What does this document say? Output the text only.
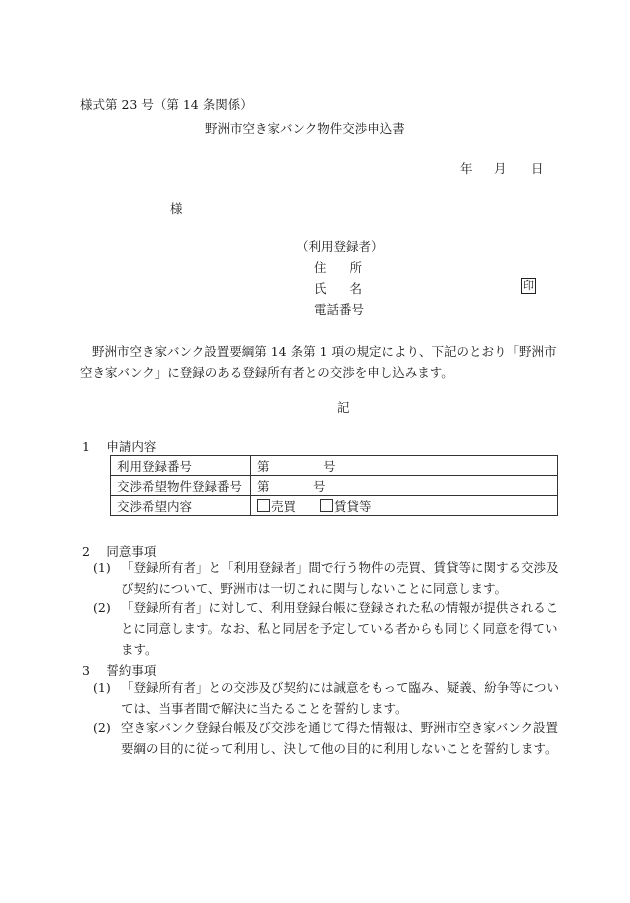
様式第 23 号（第 14 条関係）
野洲市空き家バンク物件交渉申込書
年 月 日
様
（利用登録者）
住所
氏名	印
電話番号
野洲市空き家バンク設置要綱第 14 条第 1 項の規定により、下記のとおり「野洲市空き家バンク」に登録のある登録所有者との交渉を申し込みます。
記
1　 申請内容
利用登録番号	第 号
交渉希望物件登録番号	第 号
交渉希望内容	売買 賃貸等
2　 同意事項
(1) 「登録所有者」と「利用登録者」間で行う物件の売買、賃貸等に関する交渉及び契約について、野洲市は一切これに関与しないことに同意します。
(2) 「登録所有者」に対して、利用登録台帳に登録された私の情報が提供されることに同意します。なお、私と同居を予定している者からも同じく同意を得ています。
3　 誓約事項
(1) 「登録所有者」との交渉及び契約には誠意をもって臨み、疑義、紛争等については、当事者間で解決に当たることを誓約します。
(2) 空き家バンク登録台帳及び交渉を通じて得た情報は、野洲市空き家バンク設置要綱の目的に従って利用し、決して他の目的に利用しないことを誓約します。
